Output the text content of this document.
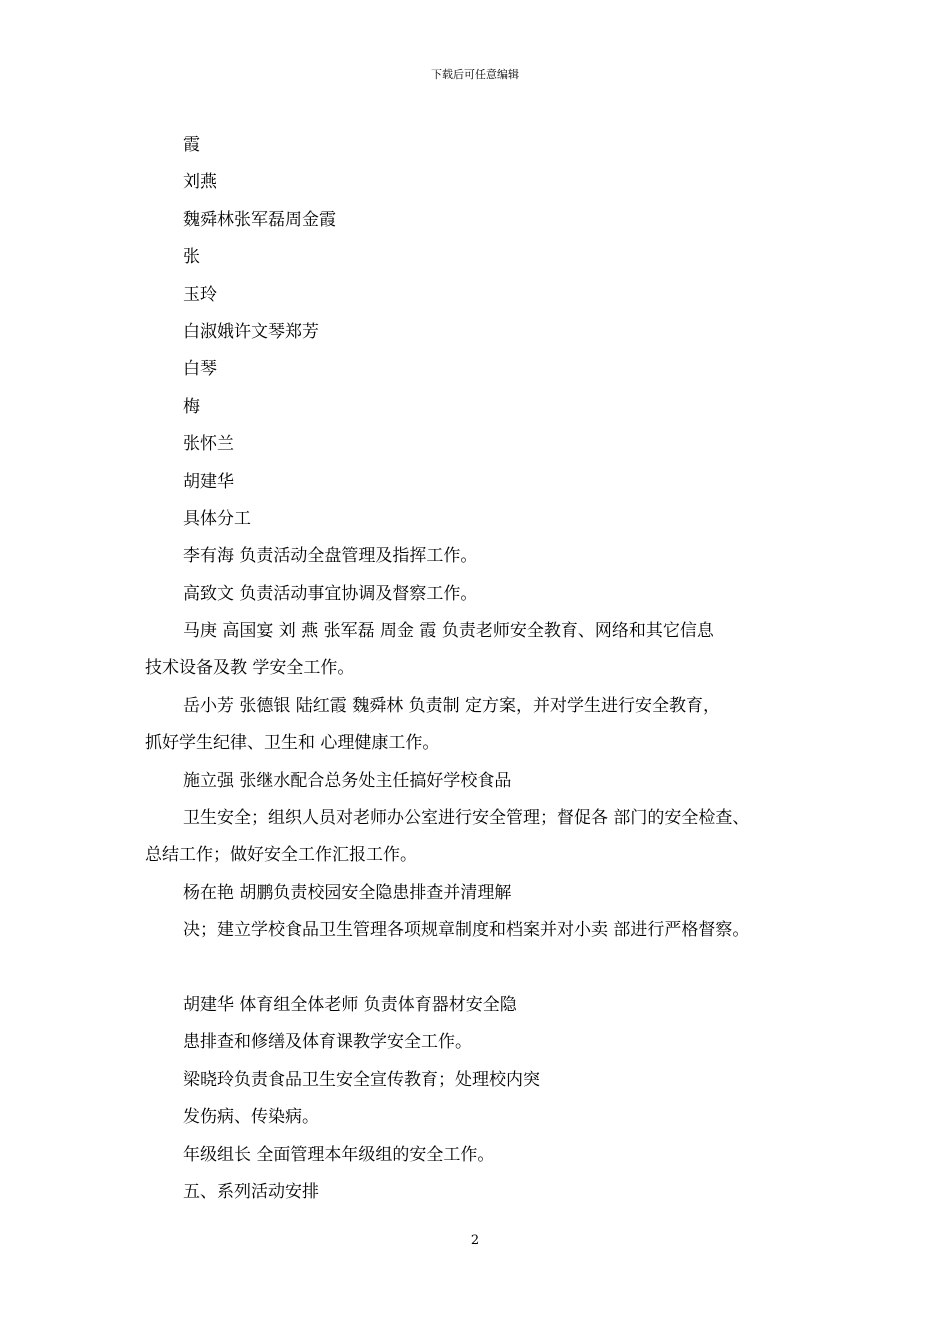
下载后可任意编辑
霞
刘燕
魏舜林张军磊周金霞
张
玉玲
白淑娥许文琴郑芳
白琴
梅
张怀兰
胡建华
具体分工
李有海 负责活动全盘管理及指挥工作。
高致文 负责活动事宜协调及督察工作。
马庚 高国宴 刘 燕 张军磊 周金 霞 负责老师安全教育、网络和其它信息
技术设备及教 学安全工作。
岳小芳 张德银 陆红霞 魏舜林 负责制 定方案，并对学生进行安全教育，
抓好学生纪律、卫生和 心理健康工作。
施立强 张继水配合总务处主任搞好学校食品
卫生安全；组织人员对老师办公室进行安全管理；督促各 部门的安全检查、
总结工作；做好安全工作汇报工作。
杨在艳 胡鹏负责校园安全隐患排查并清理解
决；建立学校食品卫生管理各项规章制度和档案并对小卖 部进行严格督察。
胡建华 体育组全体老师 负责体育器材安全隐
患排查和修缮及体育课教学安全工作。
梁晓玲负责食品卫生安全宣传教育；处理校内突
发伤病、传染病。
年级组长 全面管理本年级组的安全工作。
五、系列活动安排
2
